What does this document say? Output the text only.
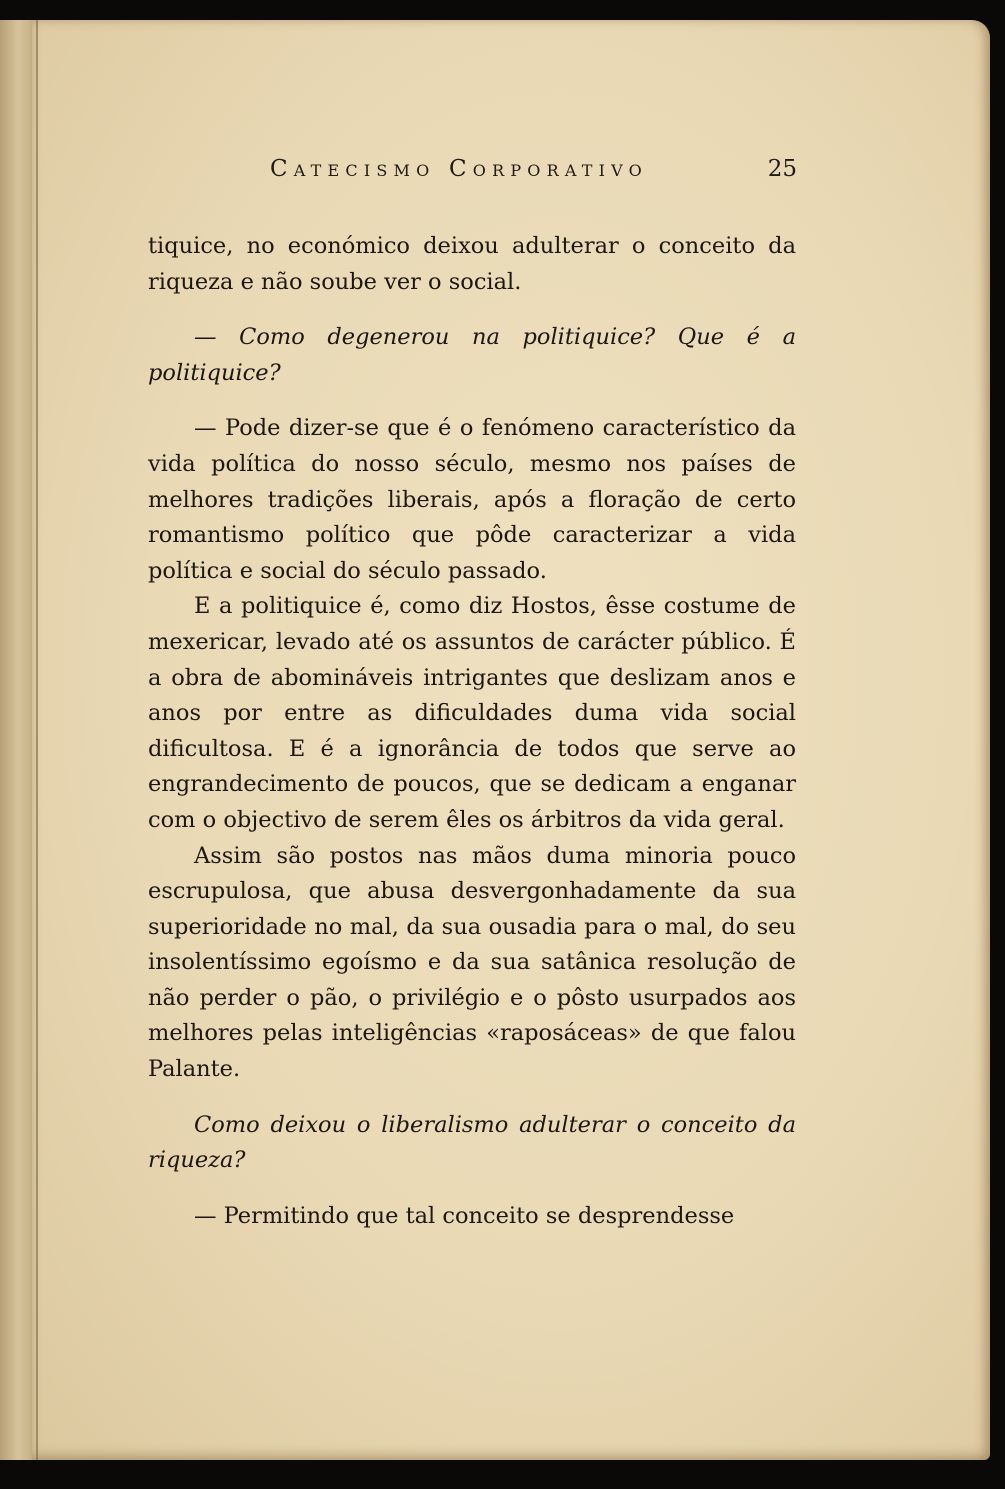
Catecismo Corporativo	25

tiquice, no económico deixou adulterar o conceito da riqueza e não soube ver o social.

— Como degenerou na politiquice? Que é a politiquice?

— Pode dizer-se que é o fenómeno característico da vida política do nosso século, mesmo nos países de melhores tradições liberais, após a floração de certo romantismo político que pôde caracterizar a vida política e social do século passado.

E a politiquice é, como diz Hostos, êsse costume de mexericar, levado até os assuntos de carácter público. É a obra de abomináveis intrigantes que deslizam anos e anos por entre as dificuldades duma vida social dificultosa. E é a ignorância de todos que serve ao engrandecimento de poucos, que se dedicam a enganar com o objectivo de serem êles os árbitros da vida geral.

Assim são postos nas mãos duma minoria pouco escrupulosa, que abusa desvergonhadamente da sua superioridade no mal, da sua ousadia para o mal, do seu insolentíssimo egoísmo e da sua satânica resolução de não perder o pão, o privilégio e o pôsto usurpados aos melhores pelas inteligências «raposáceas» de que falou Palante.

Como deixou o liberalismo adulterar o conceito da riqueza?

— Permitindo que tal conceito se desprendesse
